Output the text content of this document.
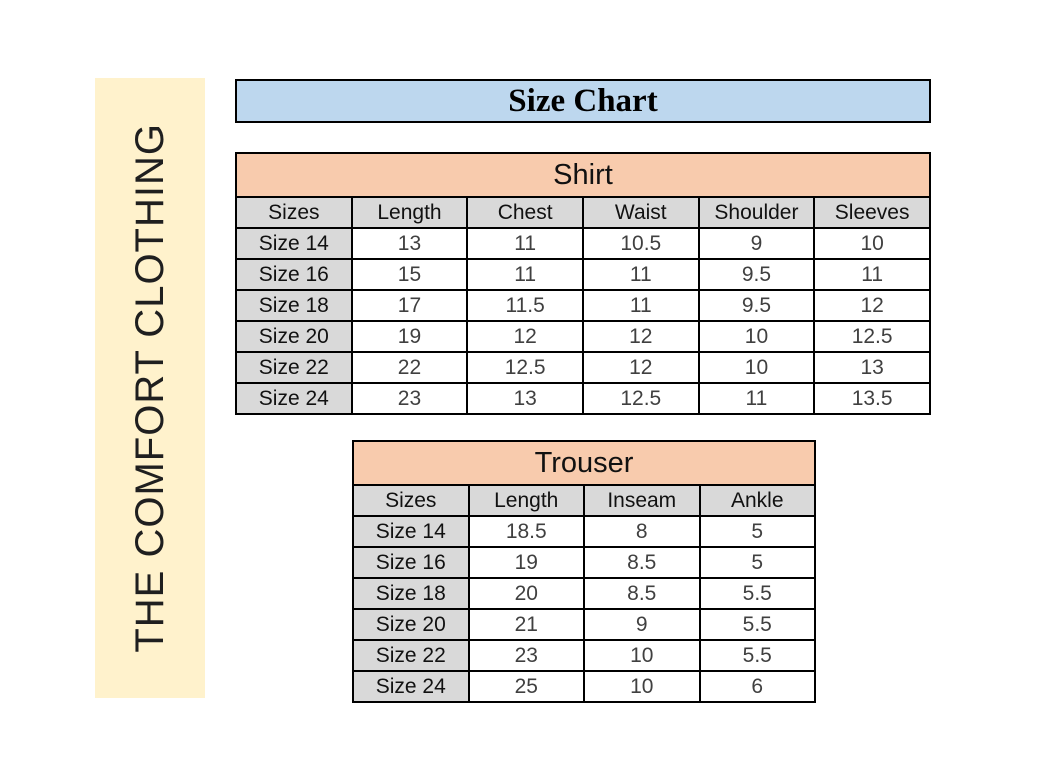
THE COMFORT CLOTHING
Size Chart
Shirt					
Sizes	Length	Chest	Waist	Shoulder	Sleeves
Size 14	13	11	10.5	9	10
Size 16	15	11	11	9.5	11
Size 18	17	11.5	11	9.5	12
Size 20	19	12	12	10	12.5
Size 22	22	12.5	12	10	13
Size 24	23	13	12.5	11	13.5
Trouser			
Sizes	Length	Inseam	Ankle
Size 14	18.5	8	5
Size 16	19	8.5	5
Size 18	20	8.5	5.5
Size 20	21	9	5.5
Size 22	23	10	5.5
Size 24	25	10	6
